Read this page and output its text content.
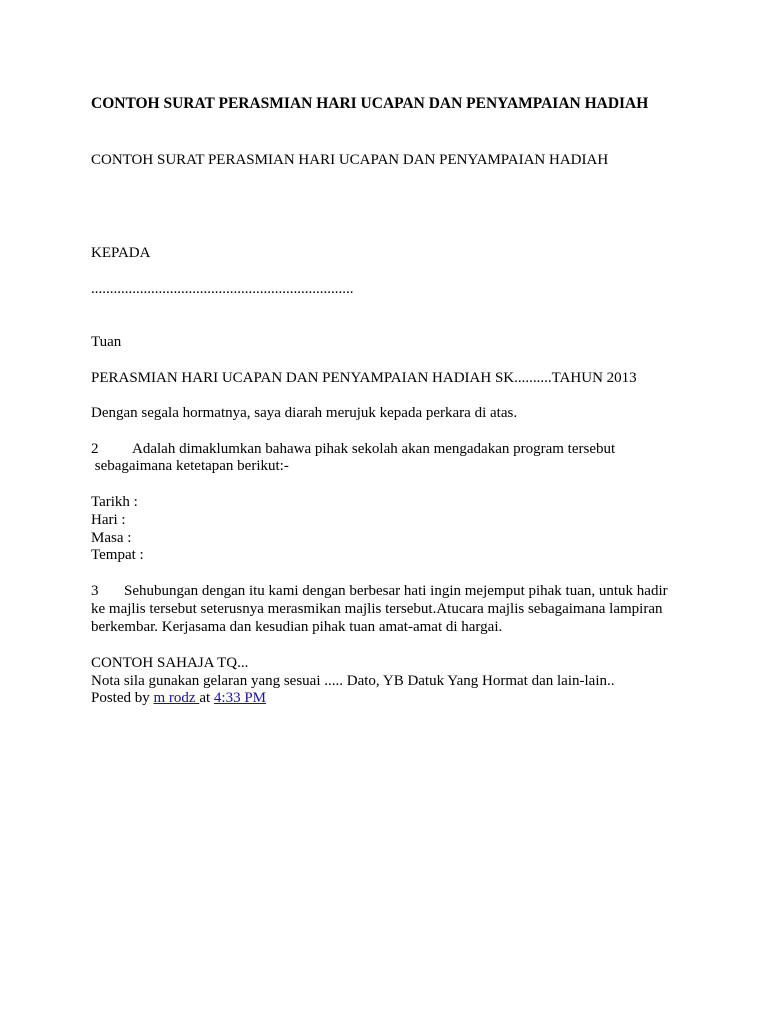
CONTOH SURAT PERASMIAN HARI UCAPAN DAN PENYAMPAIAN HADIAH
CONTOH SURAT PERASMIAN HARI UCAPAN DAN PENYAMPAIAN HADIAH
KEPADA
......................................................................
Tuan
PERASMIAN HARI UCAPAN DAN PENYAMPAIAN HADIAH SK..........TAHUN 2013
Dengan segala hormatnya, saya diarah merujuk kepada perkara di atas.
2 Adalah dimaklumkan bahawa pihak sekolah akan mengadakan program tersebut
sebagaimana ketetapan berikut:-
Tarikh :
Hari :
Masa :
Tempat :
3 Sehubungan dengan itu kami dengan berbesar hati ingin mejemput pihak tuan, untuk hadir
ke majlis tersebut seterusnya merasmikan majlis tersebut.Atucara majlis sebagaimana lampiran
berkembar. Kerjasama dan kesudian pihak tuan amat-amat di hargai.
CONTOH SAHAJA TQ...
Nota sila gunakan gelaran yang sesuai ..... Dato, YB Datuk Yang Hormat dan lain-lain..
Posted by m rodz at 4:33 PM
